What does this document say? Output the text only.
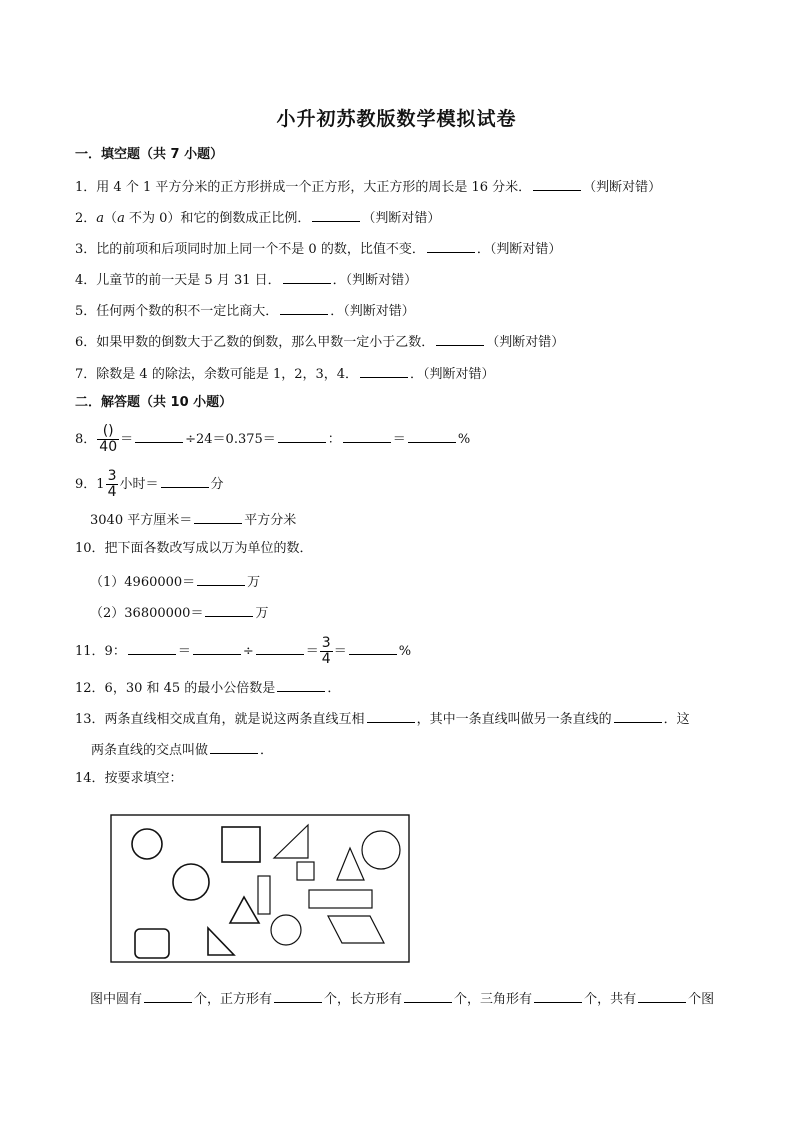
小升初苏教版数学模拟试卷
一．填空题（共 7 小题）
1．用 4 个 1 平方分米的正方形拼成一个正方形，大正方形的周长是 16 分米．	（判断对错）
2．a（a 不为 0）和它的倒数成正比例．	（判断对错）
3．比的前项和后项同时加上同一个不是 0 的数，比值不变．	．（判断对错）
4．儿童节的前一天是 5 月 31 日．	．（判断对错）
5．任何两个数的积不一定比商大．	．（判断对错）
6．如果甲数的倒数大于乙数的倒数，那么甲数一定小于乙数．	（判断对错）
7．除数是 4 的除法，余数可能是 1，2，3，4．	．（判断对错）
二．解答题（共 10 小题）
8． $\frac{()}{40}$ ＝	÷24＝0.375＝	：	＝	%
9．$1 \frac{3}{4}$ 小时＝	分
3040 平方厘米＝	平方分米
10．把下面各数改写成以万为单位的数．
（1）4960000＝	万
（2）36800000＝	万
11．9：	＝	÷	＝ $\frac{3}{4}$ ＝	%
12．6，30 和 45 的最小公倍数是	．
13．两条直线相交成直角，就是说这两条直线互相	，其中一条直线叫做另一条直线的	．这
两条直线的交点叫做	．
14．按要求填空：
图中圆有	个，正方形有	个，长方形有	个，三角形有	个，共有	个图
